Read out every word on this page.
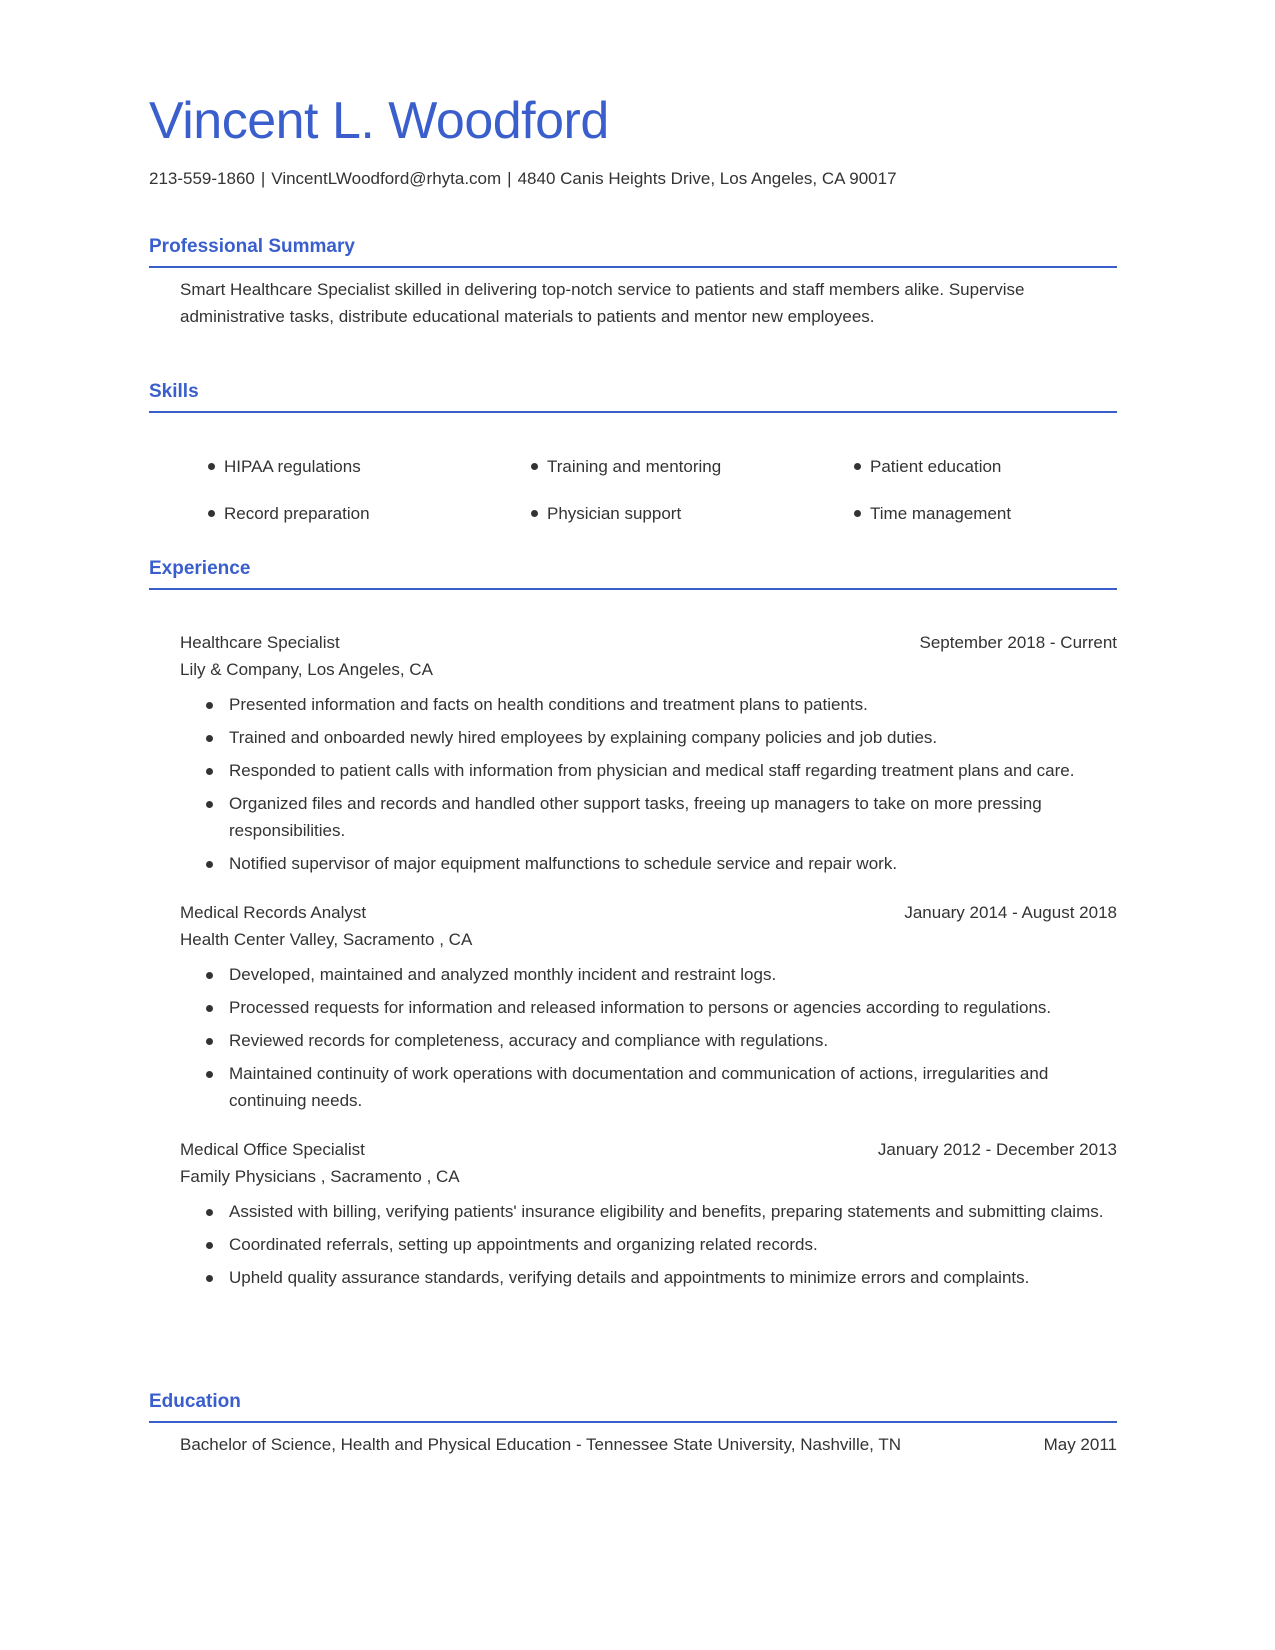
Vincent L. Woodford
213-559-1860 | VincentLWoodford@rhyta.com | 4840 Canis Heights Drive, Los Angeles, CA 90017
Professional Summary
Smart Healthcare Specialist skilled in delivering top-notch service to patients and staff members alike. Supervise administrative tasks, distribute educational materials to patients and mentor new employees.
Skills
HIPAA regulations	Training and mentoring	Patient education
Record preparation	Physician support	Time management
Experience
Healthcare Specialist	September 2018 - Current
Lily & Company, Los Angeles, CA
Presented information and facts on health conditions and treatment plans to patients.
Trained and onboarded newly hired employees by explaining company policies and job duties.
Responded to patient calls with information from physician and medical staff regarding treatment plans and care.
Organized files and records and handled other support tasks, freeing up managers to take on more pressing responsibilities.
Notified supervisor of major equipment malfunctions to schedule service and repair work.
Medical Records Analyst	January 2014 - August 2018
Health Center Valley, Sacramento , CA
Developed, maintained and analyzed monthly incident and restraint logs.
Processed requests for information and released information to persons or agencies according to regulations.
Reviewed records for completeness, accuracy and compliance with regulations.
Maintained continuity of work operations with documentation and communication of actions, irregularities and continuing needs.
Medical Office Specialist	January 2012 - December 2013
Family Physicians , Sacramento , CA
Assisted with billing, verifying patients' insurance eligibility and benefits, preparing statements and submitting claims.
Coordinated referrals, setting up appointments and organizing related records.
Upheld quality assurance standards, verifying details and appointments to minimize errors and complaints.
Education
Bachelor of Science, Health and Physical Education - Tennessee State University, Nashville, TN	May 2011
